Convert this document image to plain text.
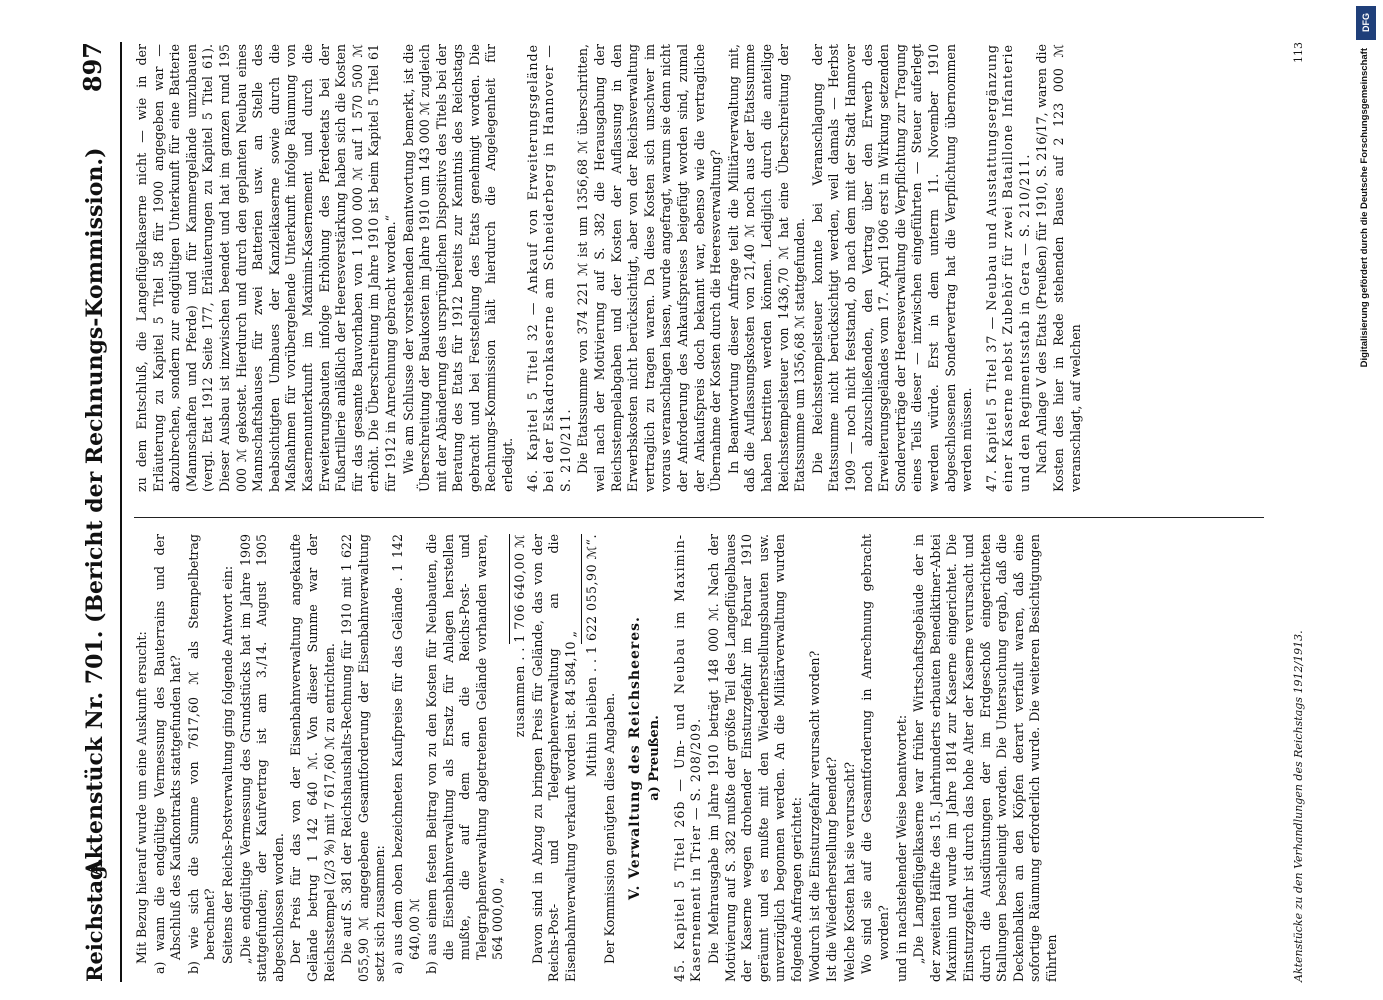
Reichstag.
Aktenstück Nr. 701. (Bericht der Rechnungs-Kommission.)
897

Mit Bezug hierauf wurde um eine Auskunft ersucht: a) wann die endgültige Vermessung des Bauterrains und der Abschluß des Kaufkontrakts stattgefunden hat? b) wie sich die Summe von 7617,60 ℳ als Stempelbetrag berechnet? Seitens der Reichs-Postverwaltung ging folgende Antwort ein: „Die endgültige Vermessung des Grundstücks hat im Jahre 1909 stattgefunden; der Kaufvertrag ist am 3./14. August 1905 abgeschlossen worden. Der Preis für das von der Eisenbahnverwaltung angekaufte Gelände betrug 1 142 640 ℳ. Von dieser Summe war der Reichsstempel (2/3 %) mit 7 617,60 ℳ zu entrichten. Die auf S. 381 der Reichshaushalts-Rechnung für 1910 mit 1 622 055,90 ℳ angegebene Gesamtforderung der Eisenbahnverwaltung setzt sich zusammen: a) aus dem oben bezeichneten Kaufpreise für das Gelände . 1 142 640,00 ℳ b) aus einem festen Beitrag von zu den Kosten für Neubauten, die die Eisenbahnverwaltung als Ersatz für Anlagen herstellen mußte, die auf dem an die Reichs-Post- und Telegraphenverwaltung abgetretenen Gelände vorhanden waren, 564 000,00 „

zusammen . . 1 706 640,00 ℳ Davon sind in Abzug zu bringen Preis für Gelände, das von der Reichs-Post- und Telegraphenverwaltung an die Eisenbahnverwaltung verkauft worden ist. 84 584,10 „ Mithin bleiben . . 1 622 055,90 ℳ“.

Der Kommission genügten diese Angaben. V. Verwaltung des Reichsheeres. a) Preußen. 45. Kapitel 5 Titel 26b — Um- und Neubau im Maximin-Kasernement in Trier — S. 208/209. Die Mehrausgabe im Jahre 1910 beträgt 148 000 ℳ. Nach der Motivierung auf S. 382 mußte der größte Teil des Langeflügelbaues der Kaserne wegen drohender Einsturzgefahr im Februar 1910 geräumt und es mußte mit den Wiederherstellungsbauten usw. unverzüglich begonnen werden. An die Militärverwaltung wurden folgende Anfragen gerichtet: Wodurch ist die Einsturzgefahr verursacht worden? Ist die Wiederherstellung beendet? Welche Kosten hat sie verursacht? Wo sind sie auf die Gesamtforderung in Anrechnung gebracht worden? und in nachstehender Weise beantwortet: „Die Langeflügelkaserne war früher Wirtschaftsgebäude der in der zweiten Hälfte des 15. Jahrhunderts erbauten Benediktiner-Abtei Maximin und wurde im Jahre 1814 zur Kaserne eingerichtet. Die Einsturzgefahr ist durch das hohe Alter der Kaserne verursacht und durch die Ausdünstungen der im Erdgeschoß eingerichteten Stallungen beschleunigt worden. Die Untersuchung ergab, daß die Deckenbalken an den Köpfen derart verfault waren, daß eine sofortige Räumung erforderlich wurde. Die weiteren Besichtigungen führten

zu dem Entschluß, die Langeflügelkaserne nicht — wie in der Erläuterung zu Kapitel 5 Titel 58 für 1900 angegeben war — abzubrechen, sondern zur endgültigen Unterkunft für eine Batterie (Mannschaften und Pferde) und für Kammergelände umzubauen (vergl. Etat 1912 Seite 177, Erläuterungen zu Kapitel 5 Titel 61). Dieser Ausbau ist inzwischen beendet und hat im ganzen rund 195 000 ℳ gekostet. Hierdurch und durch den geplanten Neubau eines Mannschaftshauses für zwei Batterien usw. an Stelle des beabsichtigten Umbaues der Kanzleikaserne sowie durch die Maßnahmen für vorübergehende Unterkunft infolge Räumung von Kasernenunterkunft im Maximin-Kasernement und durch die Erweiterungsbauten infolge Erhöhung des Pferdeetats bei der Fußartillerie anläßlich der Heeresverstärkung haben sich die Kosten für das gesamte Bauvorhaben von 1 100 000 ℳ auf 1 570 500 ℳ erhöht. Die Überschreitung im Jahre 1910 ist beim Kapitel 5 Titel 61 für 1912 in Anrechnung gebracht worden.“ Wie am Schlusse der vorstehenden Beantwortung bemerkt, ist die Überschreitung der Baukosten im Jahre 1910 um 143 000 ℳ zugleich mit der Abänderung des ursprünglichen Dispositivs des Titels bei der Beratung des Etats für 1912 bereits zur Kenntnis des Reichstags gebracht und bei Feststellung des Etats genehmigt worden. Die Rechnungs-Kommission hält hierdurch die Angelegenheit für erledigt. 46. Kapitel 5 Titel 32 — Ankauf von Erweiterungsgelände bei der Eskadronkaserne am Schneiderberg in Hannover — S. 210/211. Die Etatssumme von 374 221 ℳ ist um 1356,68 ℳ überschritten, weil nach der Motivierung auf S. 382 die Herausgabung der Reichsstempelabgaben und der Kosten der Auflassung in den Erwerbskosten nicht berücksichtigt, aber von der Reichsverwaltung vertraglich zu tragen waren. Da diese Kosten sich unschwer im voraus veranschlagen lassen, wurde angefragt, warum sie denn nicht der Anforderung des Ankaufspreises beigefügt worden sind, zumal der Ankaufspreis doch bekannt war, ebenso wie die vertragliche Übernahme der Kosten durch die Heeresverwaltung? In Beantwortung dieser Anfrage teilt die Militärverwaltung mit, daß die Auflassungskosten von 21,40 ℳ noch aus der Etatssumme haben bestritten werden können. Lediglich durch die anteilige Reichsstempelsteuer von 1436,70 ℳ hat eine Überschreitung der Etatssumme um 1356,68 ℳ stattgefunden. Die Reichsstempelsteuer konnte bei Veranschlagung der Etatssumme nicht berücksichtigt werden, weil damals — Herbst 1909 — noch nicht feststand, ob nach dem mit der Stadt Hannover noch abzuschließenden, den Vertrag über den Erwerb des Erweiterungsgeländes vom 17. April 1906 erst in Wirkung setzenden Sonderverträge der Heeresverwaltung die Verpflichtung zur Tragung eines Teils dieser — inzwischen eingeführten — Steuer auferlegt werden würde. Erst in dem unterm 11. November 1910 abgeschlossenen Sondervertrag hat die Verpflichtung übernommen werden müssen. 47. Kapitel 5 Titel 37 — Neubau und Ausstattungsergänzung einer Kaserne nebst Zubehör für zwei Bataillone Infanterie und den Regimentsstab in Gera — S. 210/211. Nach Anlage V des Etats (Preußen) für 1910, S. 216/17, waren die Kosten des hier in Rede stehenden Baues auf 2 123 000 ℳ veranschlagt, auf welchen

Aktenstücke zu den Verhandlungen des Reichstags 1912/1913.
113
DFG
Digitalisierung gefördert durch die Deutsche Forschungsgemeinschaft
